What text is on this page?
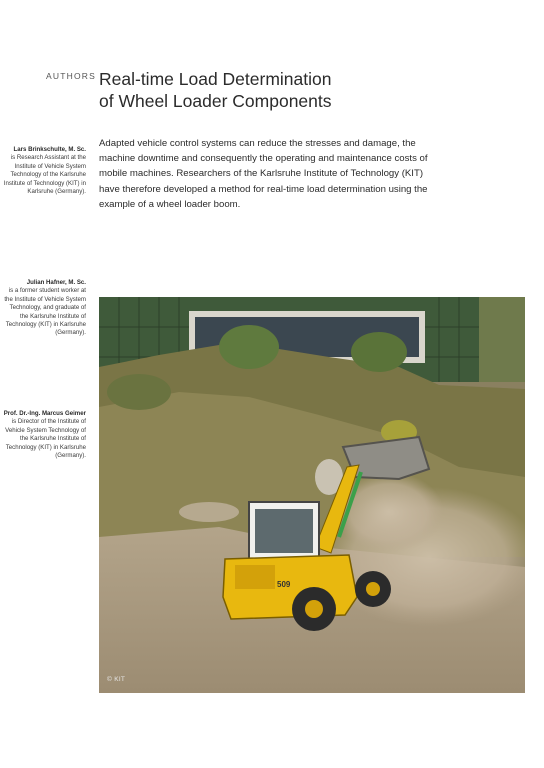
AUTHORS Real-time Load Determination
of Wheel Loader Components

Adapted vehicle control systems can reduce the stresses and damage, the machine downtime and consequently the operating and maintenance costs of mobile machines. Researchers of the Karlsruhe Institute of Technology (KIT) have therefore developed a method for real-time load determination using the example of a wheel loader boom.

Lars Brinkschulte, M. Sc.
is Research Assistant at the Institute of Vehicle System Technology of the Karlsruhe Institute of Technology (KIT) in Karlsruhe (Germany).
Julian Hafner, M. Sc.
is a former student worker at the Institute of Vehicle System Technology, and graduate of the Karlsruhe Institute of Technology (KIT) in Karlsruhe (Germany).
Prof. Dr.-Ing. Marcus Geimer
is Director of the Institute of Vehicle System Technology of the Karlsruhe Institute of Technology (KIT) in Karlsruhe (Germany).
509
© KIT
